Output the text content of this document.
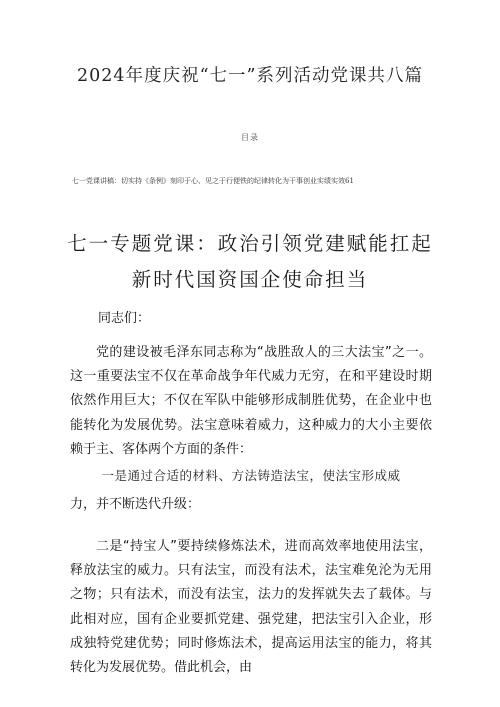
2024年度庆祝“七一”系列活动党课共八篇
目录
七一党课讲稿：切实持《条例》刻印于心、见之于行便铁的纪律转化为干事创业实绩实效61
七一专题党课：政治引领党建赋能扛起新时代国资国企使命担当

同志们：

党的建设被毛泽东同志称为“战胜敌人的三大法宝”之一。这一重要法宝不仅在革命战争年代威力无穷，在和平建设时期依然作用巨大；不仅在军队中能够形成制胜优势，在企业中也能转化为发展优势。法宝意味着威力，这种威力的大小主要依赖于主、客体两个方面的条件：

一是通过合适的材料、方法铸造法宝，使法宝形成威

力，并不断迭代升级：

二是“持宝人”要持续修炼法术，进而高效率地使用法宝，释放法宝的威力。只有法宝，而没有法术，法宝难免沦为无用之物；只有法术，而没有法宝，法力的发挥就失去了载体。与此相对应，国有企业要抓党建、强党建，把法宝引入企业，形成独特党建优势；同时修炼法术，提高运用法宝的能力，将其转化为发展优势。借此机会，由
